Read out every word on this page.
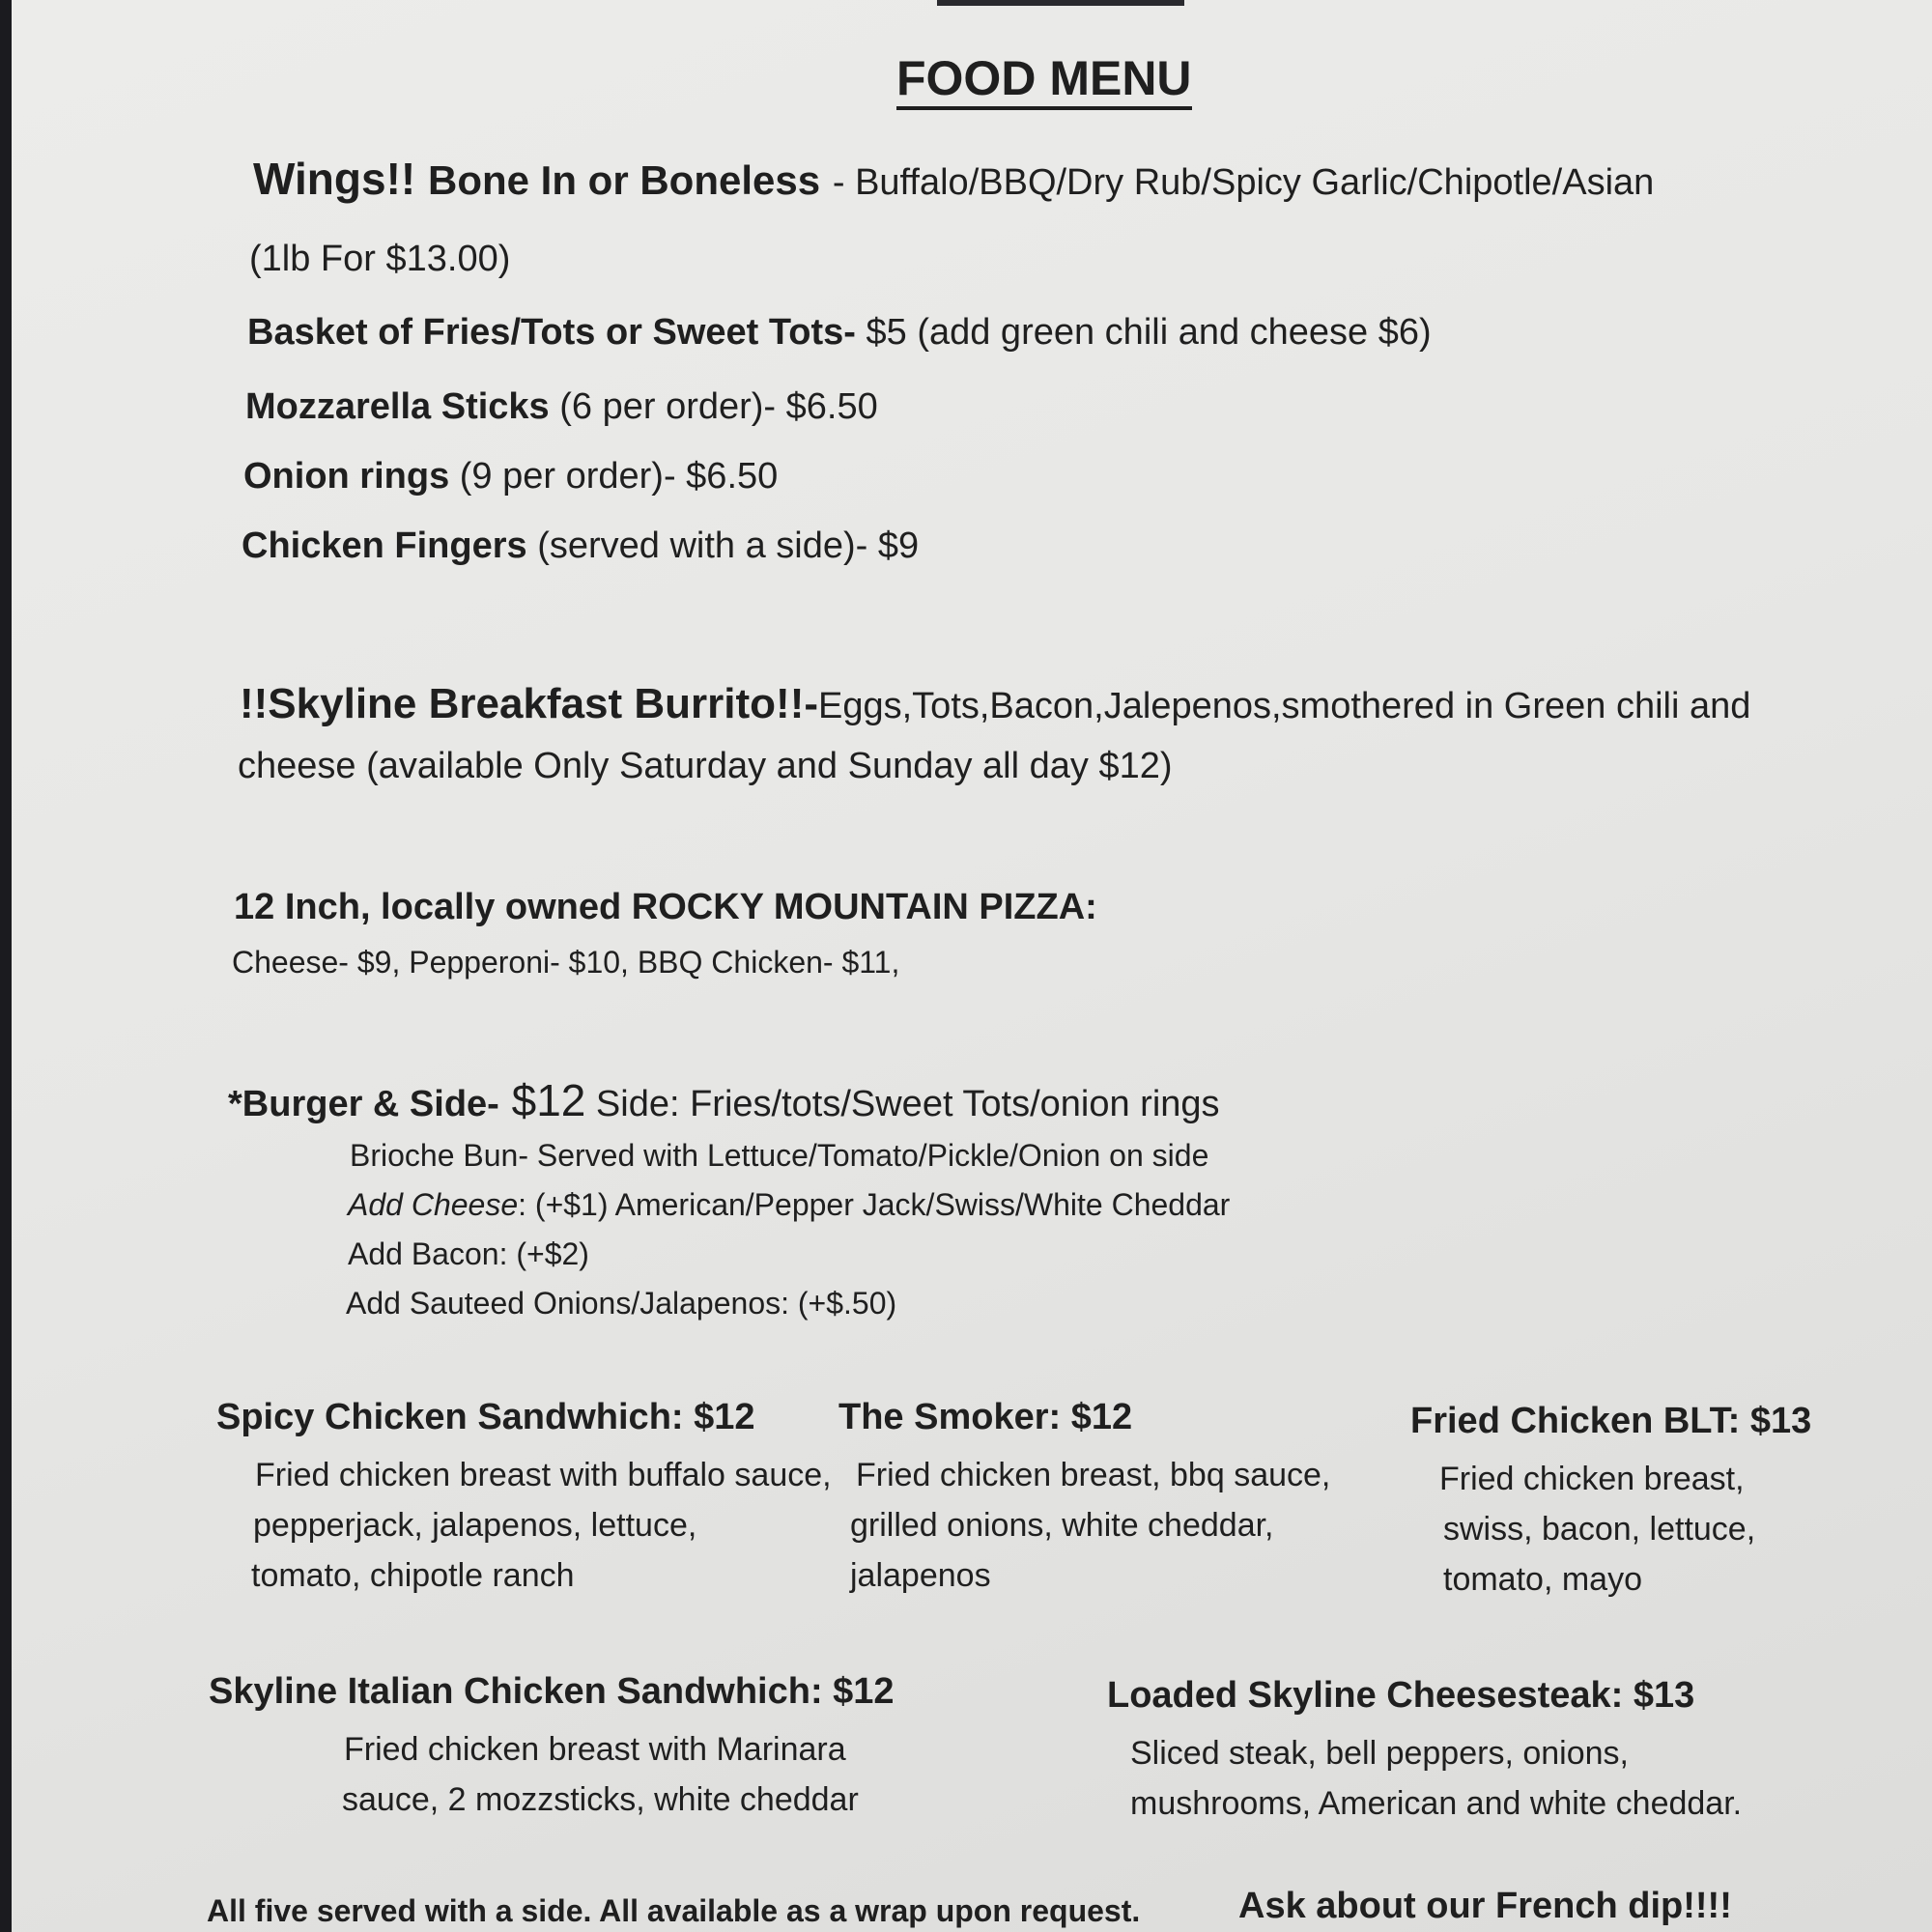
FOOD MENU
Wings!! Bone In or Boneless - Buffalo/BBQ/Dry Rub/Spicy Garlic/Chipotle/Asian
(1lb For $13.00)
Basket of Fries/Tots or Sweet Tots- $5 (add green chili and cheese $6)
Mozzarella Sticks (6 per order)- $6.50
Onion rings (9 per order)- $6.50
Chicken Fingers (served with a side)- $9
!!Skyline Breakfast Burrito!!-Eggs,Tots,Bacon,Jalepenos,smothered in Green chili and
cheese (available Only Saturday and Sunday all day $12)
12 Inch, locally owned ROCKY MOUNTAIN PIZZA:
Cheese- $9, Pepperoni- $10, BBQ Chicken- $11,
*Burger & Side- $12 Side: Fries/tots/Sweet Tots/onion rings
Brioche Bun- Served with Lettuce/Tomato/Pickle/Onion on side
Add Cheese: (+$1) American/Pepper Jack/Swiss/White Cheddar
Add Bacon: (+$2)
Add Sauteed Onions/Jalapenos: (+$.50)
Spicy Chicken Sandwhich: $12
Fried chicken breast with buffalo sauce,
pepperjack, jalapenos, lettuce,
tomato, chipotle ranch
The Smoker: $12
Fried chicken breast, bbq sauce,
grilled onions, white cheddar,
jalapenos
Fried Chicken BLT: $13
Fried chicken breast,
swiss, bacon, lettuce,
tomato, mayo
Skyline Italian Chicken Sandwhich: $12
Fried chicken breast with Marinara
sauce, 2 mozzsticks, white cheddar
Loaded Skyline Cheesesteak: $13
Sliced steak, bell peppers, onions,
mushrooms, American and white cheddar.
All five served with a side. All available as a wrap upon request.	Ask about our French dip!!!!
